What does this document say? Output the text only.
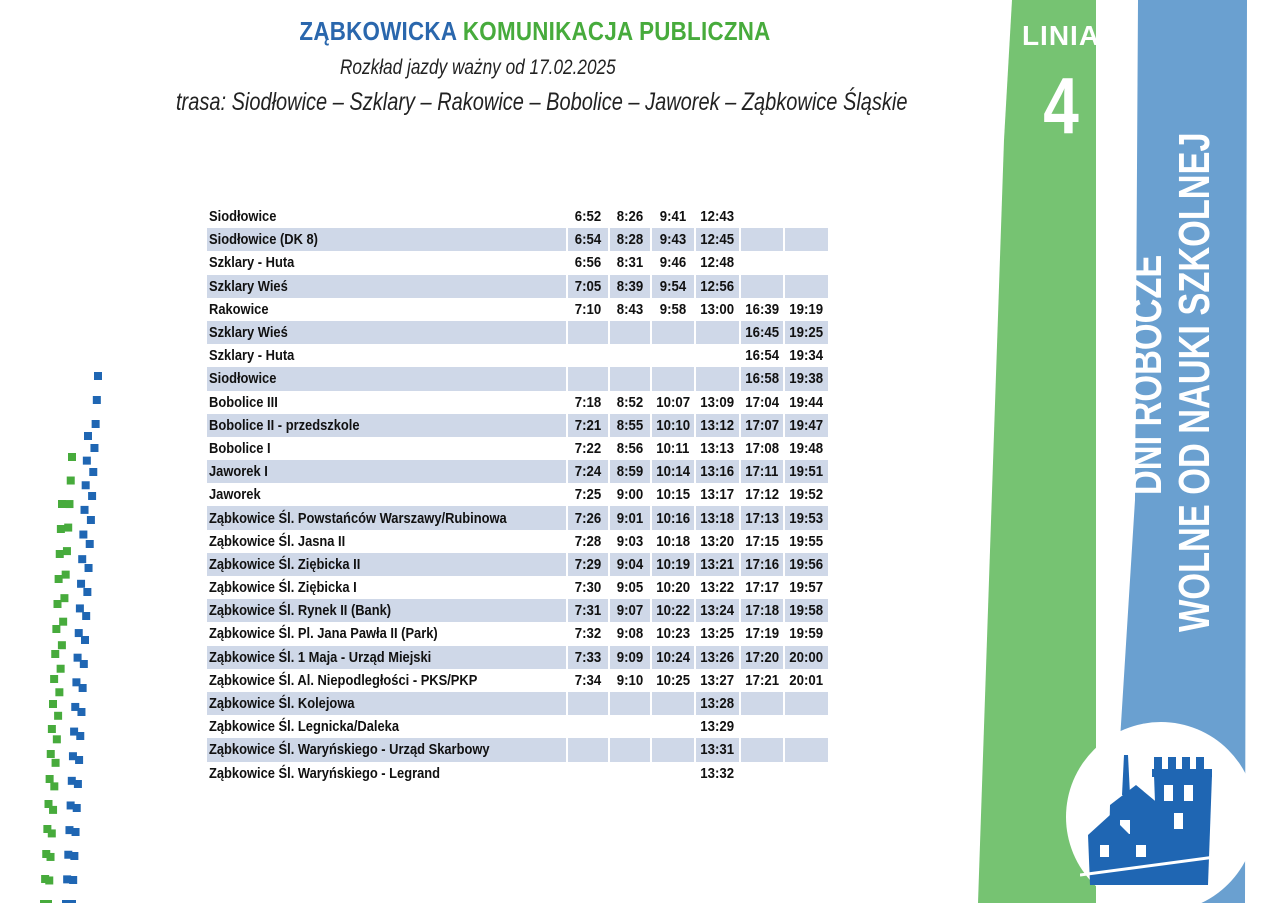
ZĄBKOWICKA KOMUNIKACJA PUBLICZNA
Rozkład jazdy ważny od 17.02.2025
trasa: Siodłowice – Szklary – Rakowice – Bobolice – Jaworek – Ząbkowice Śląskie
Siodłowice	6:52	8:26	9:41	12:43		
Siodłowice (DK 8)	6:54	8:28	9:43	12:45		
Szklary - Huta	6:56	8:31	9:46	12:48		
Szklary Wieś	7:05	8:39	9:54	12:56		
Rakowice	7:10	8:43	9:58	13:00	16:39	19:19
Szklary Wieś					16:45	19:25
Szklary - Huta					16:54	19:34
Siodłowice					16:58	19:38
Bobolice III	7:18	8:52	10:07	13:09	17:04	19:44
Bobolice II - przedszkole	7:21	8:55	10:10	13:12	17:07	19:47
Bobolice I	7:22	8:56	10:11	13:13	17:08	19:48
Jaworek I	7:24	8:59	10:14	13:16	17:11	19:51
Jaworek	7:25	9:00	10:15	13:17	17:12	19:52
Ząbkowice Śl. Powstańców Warszawy/Rubinowa	7:26	9:01	10:16	13:18	17:13	19:53
Ząbkowice Śl. Jasna II	7:28	9:03	10:18	13:20	17:15	19:55
Ząbkowice Śl. Ziębicka II	7:29	9:04	10:19	13:21	17:16	19:56
Ząbkowice Śl. Ziębicka I	7:30	9:05	10:20	13:22	17:17	19:57
Ząbkowice Śl. Rynek II (Bank)	7:31	9:07	10:22	13:24	17:18	19:58
Ząbkowice Śl. Pl. Jana Pawła II (Park)	7:32	9:08	10:23	13:25	17:19	19:59
Ząbkowice Śl. 1 Maja - Urząd Miejski	7:33	9:09	10:24	13:26	17:20	20:00
Ząbkowice Śl. Al. Niepodległości - PKS/PKP	7:34	9:10	10:25	13:27	17:21	20:01
Ząbkowice Śl. Kolejowa				13:28		
Ząbkowice Śl. Legnicka/Daleka				13:29		
Ząbkowice Śl. Waryńskiego - Urząd Skarbowy				13:31		
Ząbkowice Śl. Waryńskiego - Legrand				13:32		
LINIA
4
DNI ROBOCZE WOLNE OD NAUKI SZKOLNEJ
